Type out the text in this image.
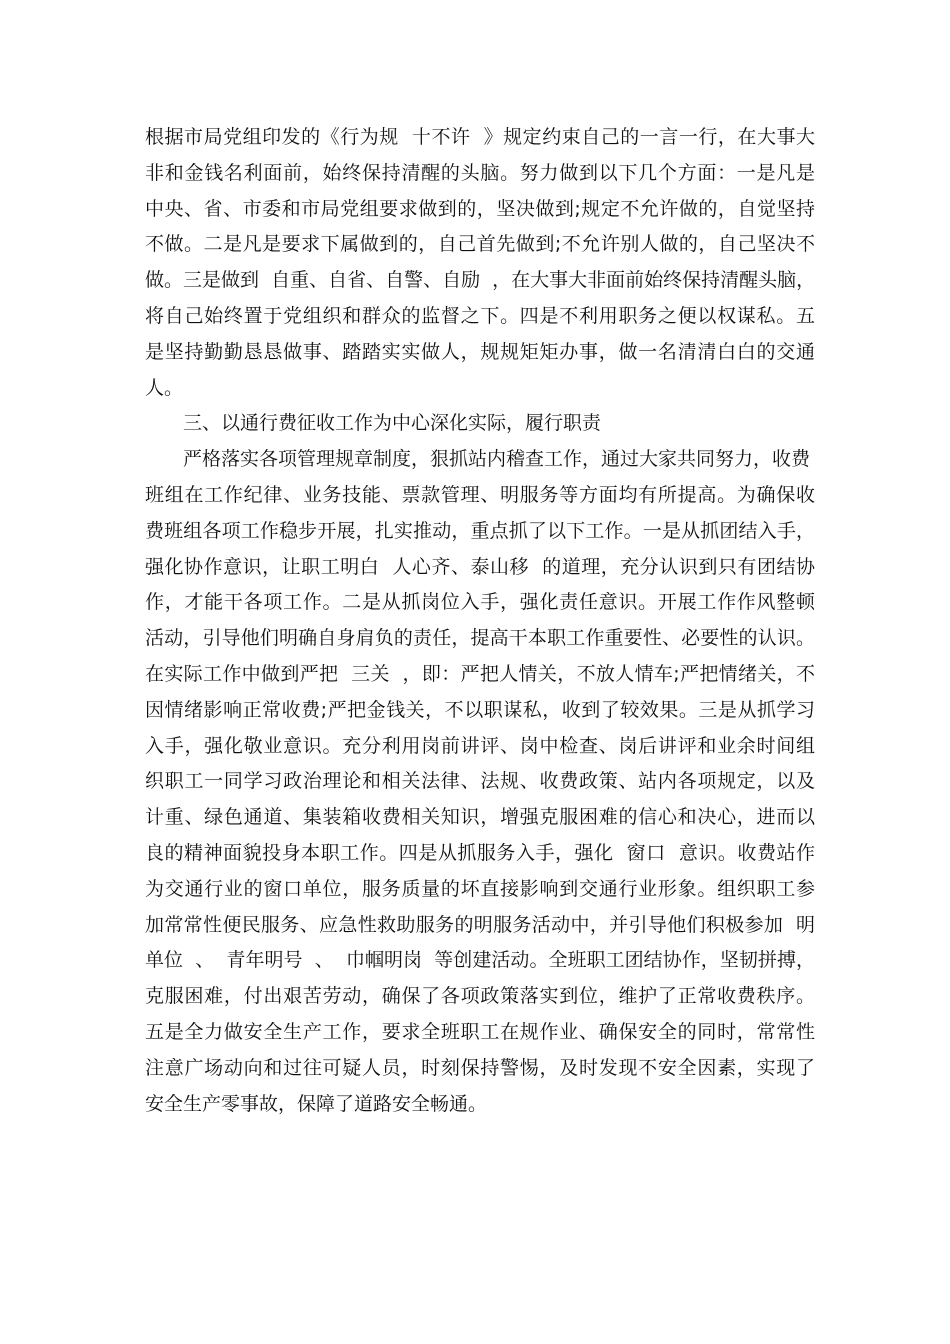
根据市局党组印发的《行为规  十不许  》规定约束自己的一言一行，在大事大
非和金钱名利面前，始终保持清醒的头脑。努力做到以下几个方面：一是凡是
中央、省、市委和市局党组要求做到的，坚决做到;规定不允许做的，自觉坚持
不做。二是凡是要求下属做到的，自己首先做到;不允许别人做的，自己坚决不
做。三是做到  自重、自省、自警、自励  ，在大事大非面前始终保持清醒头脑，
将自己始终置于党组织和群众的监督之下。四是不利用职务之便以权谋私。五
是坚持勤勤恳恳做事、踏踏实实做人，规规矩矩办事，做一名清清白白的交通
人。
三、以通行费征收工作为中心深化实际，履行职责
严格落实各项管理规章制度，狠抓站内稽查工作，通过大家共同努力，收费
班组在工作纪律、业务技能、票款管理、明服务等方面均有所提高。为确保收
费班组各项工作稳步开展，扎实推动，重点抓了以下工作。一是从抓团结入手，
强化协作意识，让职工明白  人心齐、泰山移  的道理，充分认识到只有团结协
作，才能干各项工作。二是从抓岗位入手，强化责任意识。开展工作作风整顿
活动，引导他们明确自身肩负的责任，提高干本职工作重要性、必要性的认识。
在实际工作中做到严把  三关  ，即：严把人情关，不放人情车;严把情绪关，不
因情绪影响正常收费;严把金钱关，不以职谋私，收到了较效果。三是从抓学习
入手，强化敬业意识。充分利用岗前讲评、岗中检查、岗后讲评和业余时间组
织职工一同学习政治理论和相关法律、法规、收费政策、站内各项规定，以及
计重、绿色通道、集装箱收费相关知识，增强克服困难的信心和决心，进而以
良的精神面貌投身本职工作。四是从抓服务入手，强化  窗口  意识。收费站作
为交通行业的窗口单位，服务质量的坏直接影响到交通行业形象。组织职工参
加常常性便民服务、应急性救助服务的明服务活动中，并引导他们积极参加  明
单位  、  青年明号  、  巾帼明岗  等创建活动。全班职工团结协作，坚韧拼搏，
克服困难，付出艰苦劳动，确保了各项政策落实到位，维护了正常收费秩序。
五是全力做安全生产工作，要求全班职工在规作业、确保安全的同时，常常性
注意广场动向和过往可疑人员，时刻保持警惕，及时发现不安全因素，实现了
安全生产零事故，保障了道路安全畅通。
